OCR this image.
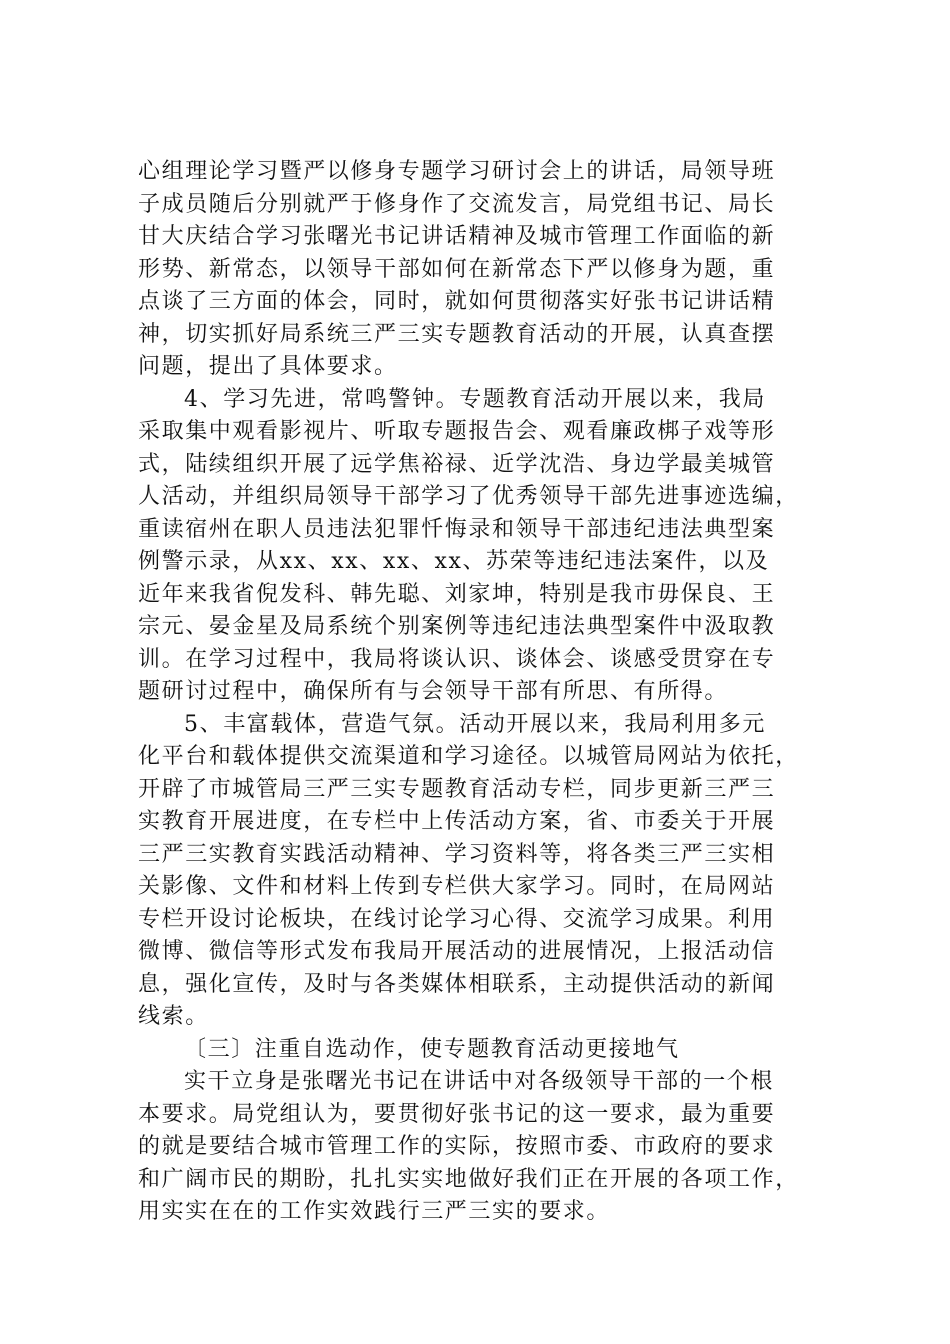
心组理论学习暨严以修身专题学习研讨会上的讲话，局领导班
子成员随后分别就严于修身作了交流发言，局党组书记、局长
甘大庆结合学习张曙光书记讲话精神及城市管理工作面临的新
形势、新常态，以领导干部如何在新常态下严以修身为题，重
点谈了三方面的体会，同时，就如何贯彻落实好张书记讲话精
神，切实抓好局系统三严三实专题教育活动的开展，认真查摆
问题，提出了具体要求。
4、学习先进，常鸣警钟。专题教育活动开展以来，我局
采取集中观看影视片、听取专题报告会、观看廉政梆子戏等形
式，陆续组织开展了远学焦裕禄、近学沈浩、身边学最美城管
人活动，并组织局领导干部学习了优秀领导干部先进事迹选编，
重读宿州在职人员违法犯罪忏悔录和领导干部违纪违法典型案
例警示录，从xx、xx、xx、xx、苏荣等违纪违法案件，以及
近年来我省倪发科、韩先聪、刘家坤，特别是我市毋保良、王
宗元、晏金星及局系统个别案例等违纪违法典型案件中汲取教
训。在学习过程中，我局将谈认识、谈体会、谈感受贯穿在专
题研讨过程中，确保所有与会领导干部有所思、有所得。
5、丰富载体，营造气氛。活动开展以来，我局利用多元
化平台和载体提供交流渠道和学习途径。以城管局网站为依托，
开辟了市城管局三严三实专题教育活动专栏，同步更新三严三
实教育开展进度，在专栏中上传活动方案，省、市委关于开展
三严三实教育实践活动精神、学习资料等，将各类三严三实相
关影像、文件和材料上传到专栏供大家学习。同时，在局网站
专栏开设讨论板块，在线讨论学习心得、交流学习成果。利用
微博、微信等形式发布我局开展活动的进展情况，上报活动信
息，强化宣传，及时与各类媒体相联系，主动提供活动的新闻
线索。
〔三〕注重自选动作，使专题教育活动更接地气
实干立身是张曙光书记在讲话中对各级领导干部的一个根
本要求。局党组认为，要贯彻好张书记的这一要求，最为重要
的就是要结合城市管理工作的实际，按照市委、市政府的要求
和广阔市民的期盼，扎扎实实地做好我们正在开展的各项工作，
用实实在在的工作实效践行三严三实的要求。
